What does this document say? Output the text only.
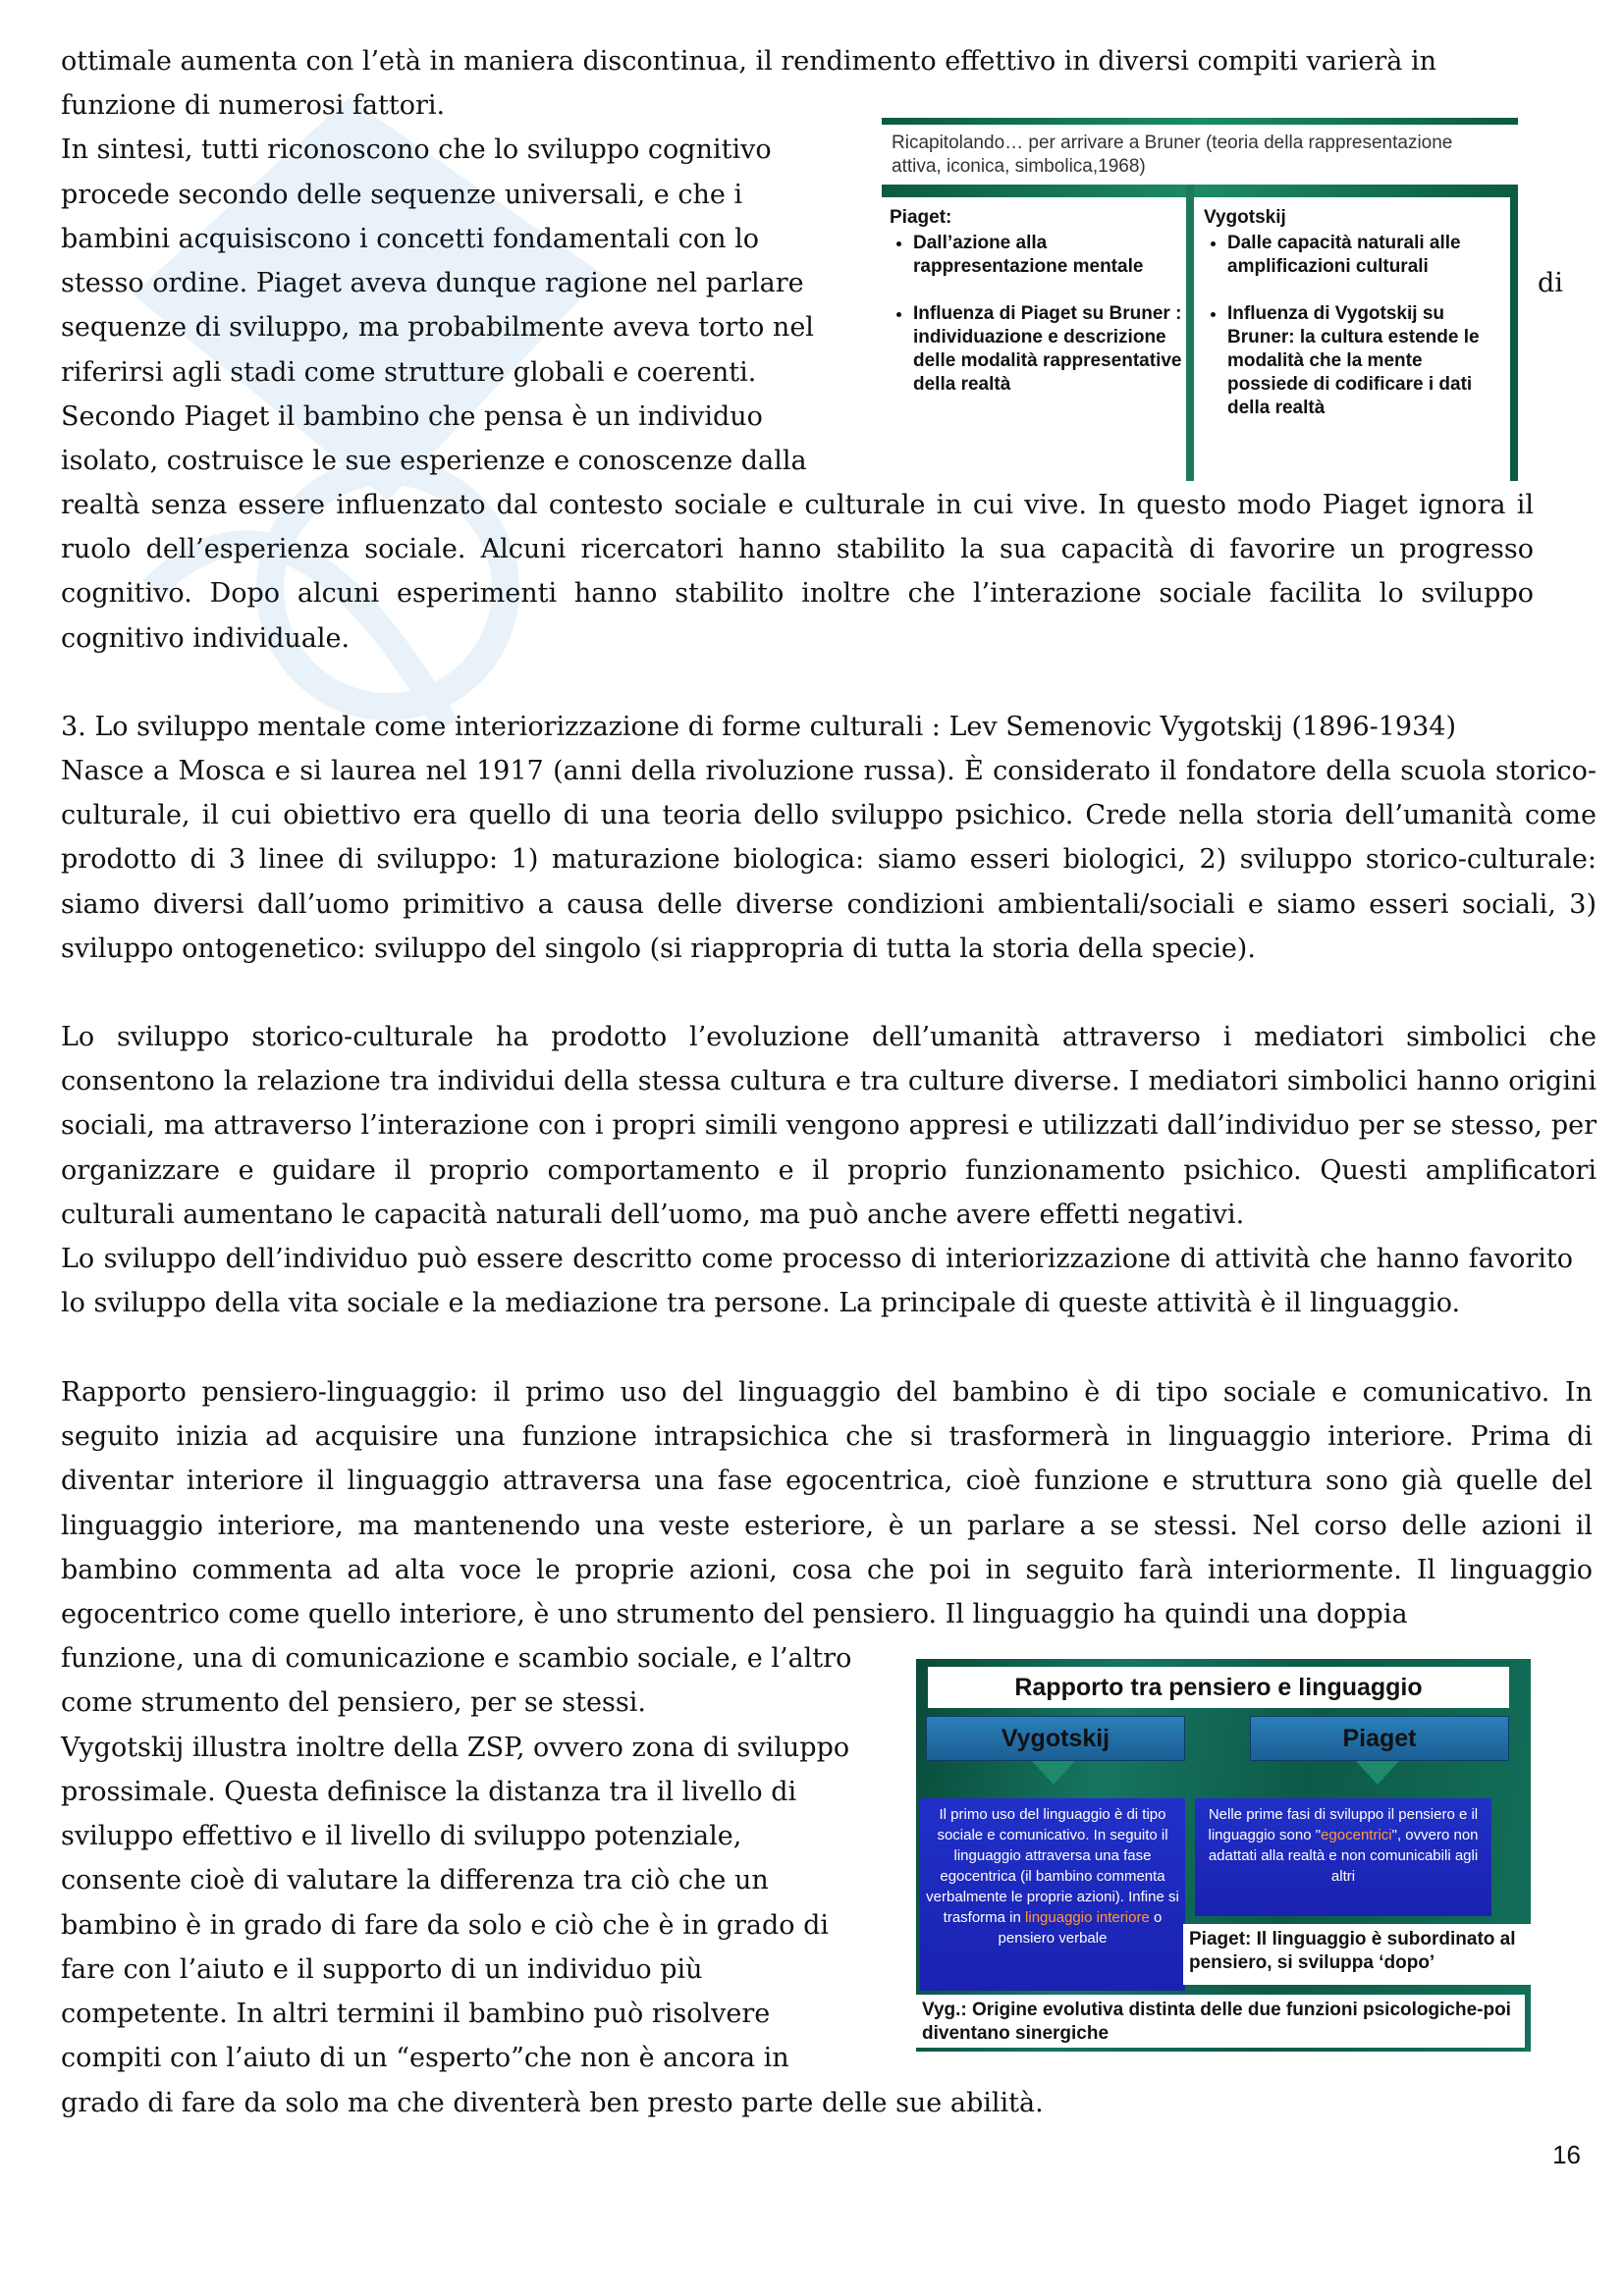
ottimale aumenta con l’età in maniera discontinua, il rendimento effettivo in diversi compiti varierà in

funzione di numerosi fattori.

In sintesi, tutti riconoscono che lo sviluppo cognitivo

procede secondo delle sequenze universali, e che i

bambini acquisiscono i concetti fondamentali con lo

stesso ordine. Piaget aveva dunque ragione nel parlare	di

sequenze di sviluppo, ma probabilmente aveva torto nel

riferirsi agli stadi come strutture globali e coerenti.

Secondo Piaget il bambino che pensa è un individuo

isolato, costruisce le sue esperienze e conoscenze dalla

realtà senza essere influenzato dal contesto sociale e culturale in cui vive. In questo modo Piaget ignora il ruolo dell’esperienza sociale. Alcuni ricercatori hanno stabilito la sua capacità di favorire un progresso cognitivo. Dopo alcuni esperimenti hanno stabilito inoltre che l’interazione sociale facilita lo sviluppo cognitivo individuale.

Ricapitolando… per arrivare a Bruner (teoria della rappresentazione attiva, iconica, simbolica,1968)
Piaget:
• Dall’azione alla rappresentazione mentale
• Influenza di Piaget su Bruner : individuazione e descrizione delle modalità rappresentative della realtà
Vygotskij
• Dalle capacità naturali alle amplificazioni culturali
• Influenza di Vygotskij su Bruner: la cultura estende le modalità che la mente possiede di codificare i dati della realtà

3. Lo sviluppo mentale come interiorizzazione di forme culturali : Lev Semenovic Vygotskij (1896-1934)

Nasce a Mosca e si laurea nel 1917 (anni della rivoluzione russa). È considerato il fondatore della scuola storico-culturale, il cui obiettivo era quello di una teoria dello sviluppo psichico. Crede nella storia dell’umanità come prodotto di 3 linee di sviluppo: 1) maturazione biologica: siamo esseri biologici, 2) sviluppo storico-culturale: siamo diversi dall’uomo primitivo a causa delle diverse condizioni ambientali/sociali e siamo esseri sociali, 3) sviluppo ontogenetico: sviluppo del singolo (si riappropria di tutta la storia della specie).

Lo sviluppo storico-culturale ha prodotto l’evoluzione dell’umanità attraverso i mediatori simbolici che consentono la relazione tra individui della stessa cultura e tra culture diverse. I mediatori simbolici hanno origini sociali, ma attraverso l’interazione con i propri simili vengono appresi e utilizzati dall’individuo per se stesso, per organizzare e guidare il proprio comportamento e il proprio funzionamento psichico. Questi amplificatori culturali aumentano le capacità naturali dell’uomo, ma può anche avere effetti negativi.

Lo sviluppo dell’individuo può essere descritto come processo di interiorizzazione di attività che hanno favorito lo sviluppo della vita sociale e la mediazione tra persone. La principale di queste attività è il linguaggio.

Rapporto pensiero-linguaggio: il primo uso del linguaggio del bambino è di tipo sociale e comunicativo. In seguito inizia ad acquisire una funzione intrapsichica che si trasformerà in linguaggio interiore. Prima di diventar interiore il linguaggio attraversa una fase egocentrica, cioè funzione e struttura sono già quelle del linguaggio interiore, ma mantenendo una veste esteriore, è un parlare a se stessi. Nel corso delle azioni il bambino commenta ad alta voce le proprie azioni, cosa che poi in seguito farà interiormente. Il linguaggio egocentrico come quello interiore, è uno strumento del pensiero. Il linguaggio ha quindi una doppia

funzione, una di comunicazione e scambio sociale, e l’altro

come strumento del pensiero, per se stessi.

Vygotskij illustra inoltre della ZSP, ovvero zona di sviluppo

prossimale. Questa definisce la distanza tra il livello di

sviluppo effettivo e il livello di sviluppo potenziale,

consente cioè di valutare la differenza tra ciò che un

bambino è in grado di fare da solo e ciò che è in grado di

fare con l’aiuto e il supporto di un individuo più

competente. In altri termini il bambino può risolvere

compiti con l’aiuto di un “esperto”che non è ancora in

grado di fare da solo ma che diventerà ben presto parte delle sue abilità.

Rapporto tra pensiero e linguaggio
Vygotskij	Piaget
Il primo uso del linguaggio è di tipo sociale e comunicativo. In seguito il linguaggio attraversa una fase egocentrica (il bambino commenta verbalmente le proprie azioni). Infine si trasforma in linguaggio interiore o pensiero verbale
Nelle prime fasi di sviluppo il pensiero e il linguaggio sono "egocentrici", ovvero non adattati alla realtà e non comunicabili agli altri
Piaget: Il linguaggio è subordinato al pensiero, si sviluppa ‘dopo’
Vyg.: Origine evolutiva distinta delle due funzioni psicologiche-poi diventano sinergiche
16
